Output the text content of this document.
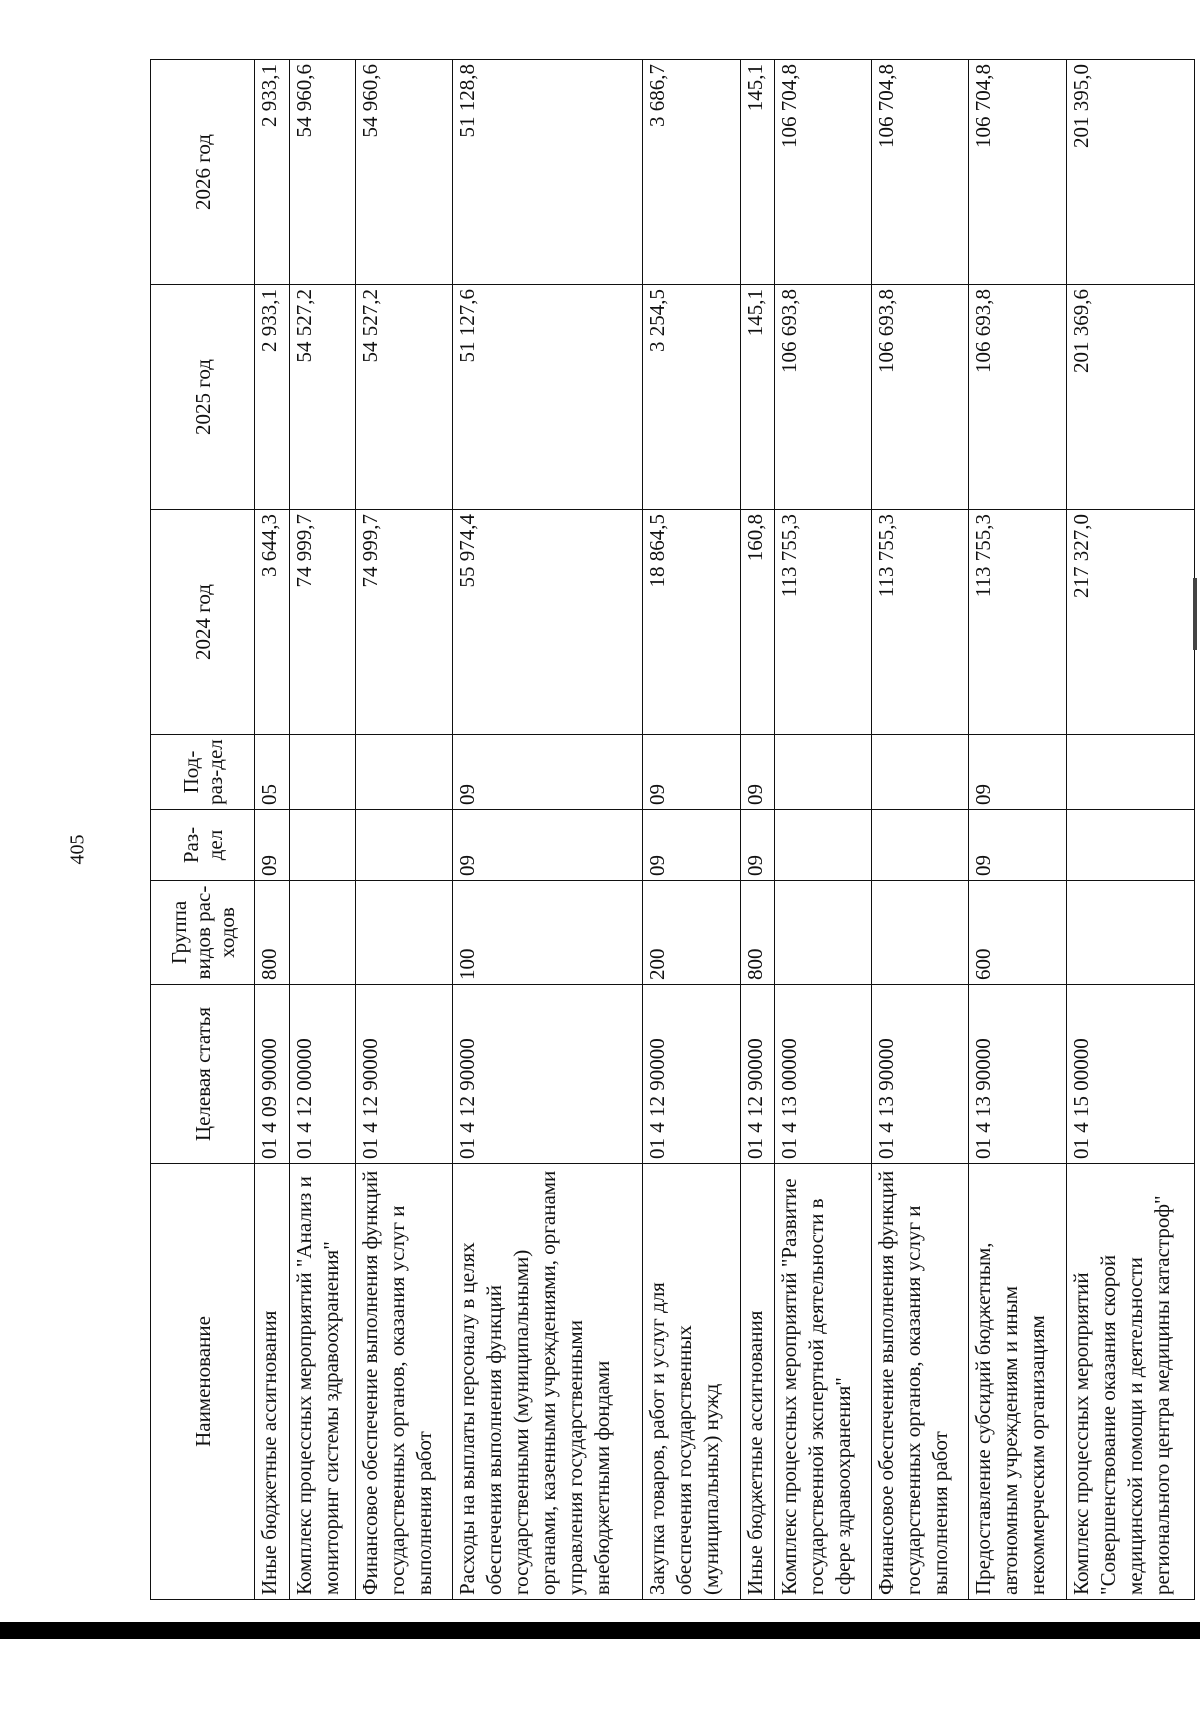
405
Наименование	Целевая статья	Группа видов рас-ходов	Раз-дел	Под-раз-дел	2024 год	2025 год	2026 год
Иные бюджетные ассигнования	01 4 09 90000	800	09	05	3 644,3	2 933,1	2 933,1
Комплекс процессных мероприятий "Анализ и мониторинг системы здравоохранения"	01 4 12 00000				74 999,7	54 527,2	54 960,6
Финансовое обеспечение выполнения функций государственных органов, оказания услуг и выполнения работ	01 4 12 90000				74 999,7	54 527,2	54 960,6
Расходы на выплаты персоналу в целях обеспечения выполнения функций государственными (муниципальными) органами, казенными учреждениями, органами управления государственными внебюджетными фондами	01 4 12 90000	100	09	09	55 974,4	51 127,6	51 128,8
Закупка товаров, работ и услуг для обеспечения государственных (муниципальных) нужд	01 4 12 90000	200	09	09	18 864,5	3 254,5	3 686,7
Иные бюджетные ассигнования	01 4 12 90000	800	09	09	160,8	145,1	145,1
Комплекс процессных мероприятий "Развитие государственной экспертной деятельности в сфере здравоохранения"	01 4 13 00000				113 755,3	106 693,8	106 704,8
Финансовое обеспечение выполнения функций государственных органов, оказания услуг и выполнения работ	01 4 13 90000				113 755,3	106 693,8	106 704,8
Предоставление субсидий бюджетным, автономным учреждениям и иным некоммерческим организациям	01 4 13 90000	600	09	09	113 755,3	106 693,8	106 704,8
Комплекс процессных мероприятий "Совершенствование оказания скорой медицинской помощи и деятельности регионального центра медицины катастроф"	01 4 15 00000				217 327,0	201 369,6	201 395,0
